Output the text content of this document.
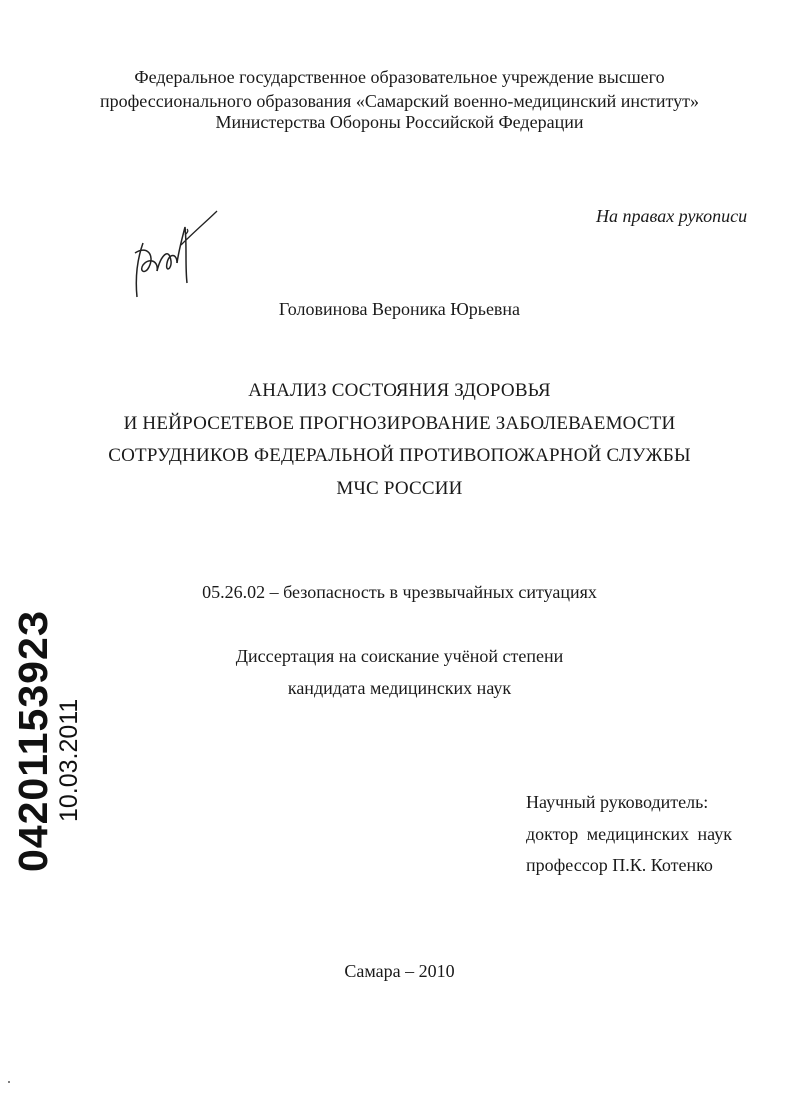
Федеральное государственное образовательное учреждение высшего
профессионального образования «Самарский военно-медицинский институт»
Министерства Обороны Российской Федерации
На правах рукописи
Головинова Вероника Юрьевна
АНАЛИЗ СОСТОЯНИЯ ЗДОРОВЬЯ
И НЕЙРОСЕТЕВОЕ ПРОГНОЗИРОВАНИЕ ЗАБОЛЕВАЕМОСТИ
СОТРУДНИКОВ ФЕДЕРАЛЬНОЙ ПРОТИВОПОЖАРНОЙ СЛУЖБЫ
МЧС РОССИИ
05.26.02 – безопасность в чрезвычайных ситуациях
Диссертация на соискание учёной степени
кандидата медицинских наук
Научный руководитель:
доктор медицинских наук
профессор П.К. Котенко
Самара – 2010
0420115392З 10.03.2011
